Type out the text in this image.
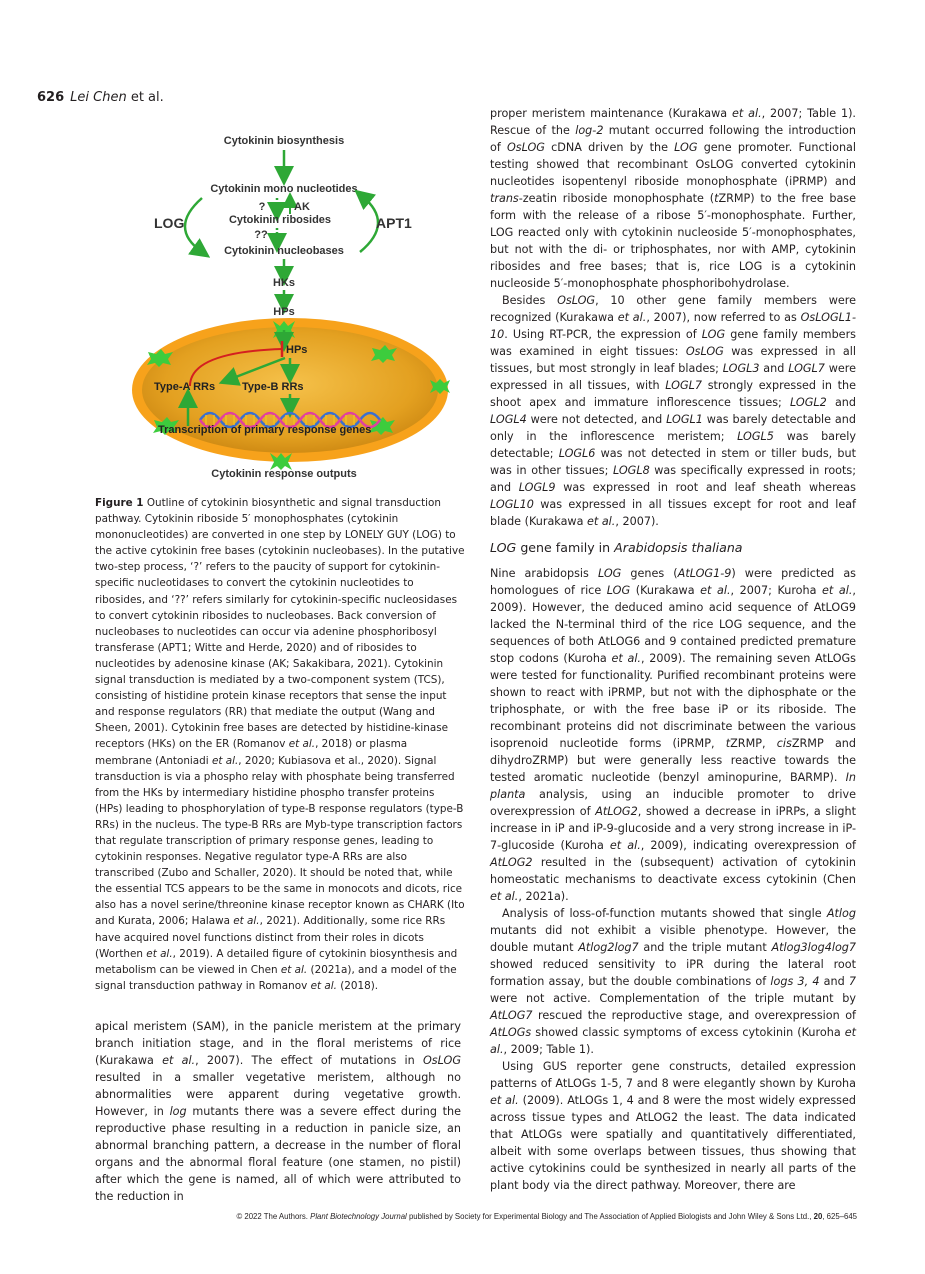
626 Lei Chen et al.
Cytokinin biosynthesis
Cytokinin mono nucleotides
?	AK
Cytokinin ribosides
??
Cytokinin nucleobases
LOG	APT1
HKs
HPs
HPs
Type-A RRs Type-B RRs
Transcription of primary response genes
Cytokinin response outputs
Figure 1 Outline of cytokinin biosynthetic and signal transduction pathway. Cytokinin riboside 5′ monophosphates (cytokinin mononucleotides) are converted in one step by LONELY GUY (LOG) to the active cytokinin free bases (cytokinin nucleobases). In the putative two-step process, ‘?’ refers to the paucity of support for cytokinin-specific nucleotidases to convert the cytokinin nucleotides to ribosides, and ‘??’ refers similarly for cytokinin-specific nucleosidases to convert cytokinin ribosides to nucleobases. Back conversion of nucleobases to nucleotides can occur via adenine phosphoribosyl transferase (APT1; Witte and Herde, 2020) and of ribosides to nucleotides by adenosine kinase (AK; Sakakibara, 2021). Cytokinin signal transduction is mediated by a two-component system (TCS), consisting of histidine protein kinase receptors that sense the input and response regulators (RR) that mediate the output (Wang and Sheen, 2001). Cytokinin free bases are detected by histidine-kinase receptors (HKs) on the ER (Romanov et al., 2018) or plasma membrane (Antoniadi et al., 2020; Kubiasova et al., 2020). Signal transduction is via a phospho relay with phosphate being transferred from the HKs by intermediary histidine phospho transfer proteins (HPs) leading to phosphorylation of type-B response regulators (type-B RRs) in the nucleus. The type-B RRs are Myb-type transcription factors that regulate transcription of primary response genes, leading to cytokinin responses. Negative regulator type-A RRs are also transcribed (Zubo and Schaller, 2020). It should be noted that, while the essential TCS appears to be the same in monocots and dicots, rice also has a novel serine/threonine kinase receptor known as CHARK (Ito and Kurata, 2006; Halawa et al., 2021). Additionally, some rice RRs have acquired novel functions distinct from their roles in dicots (Worthen et al., 2019). A detailed figure of cytokinin biosynthesis and metabolism can be viewed in Chen et al. (2021a), and a model of the signal transduction pathway in Romanov et al. (2018).

apical meristem (SAM), in the panicle meristem at the primary branch initiation stage, and in the floral meristems of rice (Kurakawa et al., 2007). The effect of mutations in OsLOG resulted in a smaller vegetative meristem, although no abnormalities were apparent during vegetative growth. However, in log mutants there was a severe effect during the reproductive phase resulting in a reduction in panicle size, an abnormal branching pattern, a decrease in the number of floral organs and the abnormal floral feature (one stamen, no pistil) after which the gene is named, all of which were attributed to the reduction in

proper meristem maintenance (Kurakawa et al., 2007; Table 1). Rescue of the log-2 mutant occurred following the introduction of OsLOG cDNA driven by the LOG gene promoter. Functional testing showed that recombinant OsLOG converted cytokinin nucleotides isopentenyl riboside monophosphate (iPRMP) and trans-zeatin riboside monophosphate (tZRMP) to the free base form with the release of a ribose 5′-monophosphate. Further, LOG reacted only with cytokinin nucleoside 5′-monophosphates, but not with the di- or triphosphates, nor with AMP, cytokinin ribosides and free bases; that is, rice LOG is a cytokinin nucleoside 5′-monophosphate phosphoribohydrolase.

Besides OsLOG, 10 other gene family members were recognized (Kurakawa et al., 2007), now referred to as OsLOGL1-10. Using RT-PCR, the expression of LOG gene family members was examined in eight tissues: OsLOG was expressed in all tissues, but most strongly in leaf blades; LOGL3 and LOGL7 were expressed in all tissues, with LOGL7 strongly expressed in the shoot apex and immature inflorescence tissues; LOGL2 and LOGL4 were not detected, and LOGL1 was barely detectable and only in the inflorescence meristem; LOGL5 was barely detectable; LOGL6 was not detected in stem or tiller buds, but was in other tissues; LOGL8 was specifically expressed in roots; and LOGL9 was expressed in root and leaf sheath whereas LOGL10 was expressed in all tissues except for root and leaf blade (Kurakawa et al., 2007).

LOG gene family in Arabidopsis thaliana

Nine arabidopsis LOG genes (AtLOG1-9) were predicted as homologues of rice LOG (Kurakawa et al., 2007; Kuroha et al., 2009). However, the deduced amino acid sequence of AtLOG9 lacked the N-terminal third of the rice LOG sequence, and the sequences of both AtLOG6 and 9 contained predicted premature stop codons (Kuroha et al., 2009). The remaining seven AtLOGs were tested for functionality. Purified recombinant proteins were shown to react with iPRMP, but not with the diphosphate or the triphosphate, or with the free base iP or its riboside. The recombinant proteins did not discriminate between the various isoprenoid nucleotide forms (iPRMP, tZRMP, cisZRMP and dihydroZRMP) but were generally less reactive towards the tested aromatic nucleotide (benzyl aminopurine, BARMP). In planta analysis, using an inducible promoter to drive overexpression of AtLOG2, showed a decrease in iPRPs, a slight increase in iP and iP-9-glucoside and a very strong increase in iP-7-glucoside (Kuroha et al., 2009), indicating overexpression of AtLOG2 resulted in the (subsequent) activation of cytokinin homeostatic mechanisms to deactivate excess cytokinin (Chen et al., 2021a).

Analysis of loss-of-function mutants showed that single Atlog mutants did not exhibit a visible phenotype. However, the double mutant Atlog2log7 and the triple mutant Atlog3log4log7 showed reduced sensitivity to iPR during the lateral root formation assay, but the double combinations of logs 3, 4 and 7 were not active. Complementation of the triple mutant by AtLOG7 rescued the reproductive stage, and overexpression of AtLOGs showed classic symptoms of excess cytokinin (Kuroha et al., 2009; Table 1).

Using GUS reporter gene constructs, detailed expression patterns of AtLOGs 1-5, 7 and 8 were elegantly shown by Kuroha et al. (2009). AtLOGs 1, 4 and 8 were the most widely expressed across tissue types and AtLOG2 the least. The data indicated that AtLOGs were spatially and quantitatively differentiated, albeit with some overlaps between tissues, thus showing that active cytokinins could be synthesized in nearly all parts of the plant body via the direct pathway. Moreover, there are

© 2022 The Authors. Plant Biotechnology Journal published by Society for Experimental Biology and The Association of Applied Biologists and John Wiley & Sons Ltd., 20, 625–645
